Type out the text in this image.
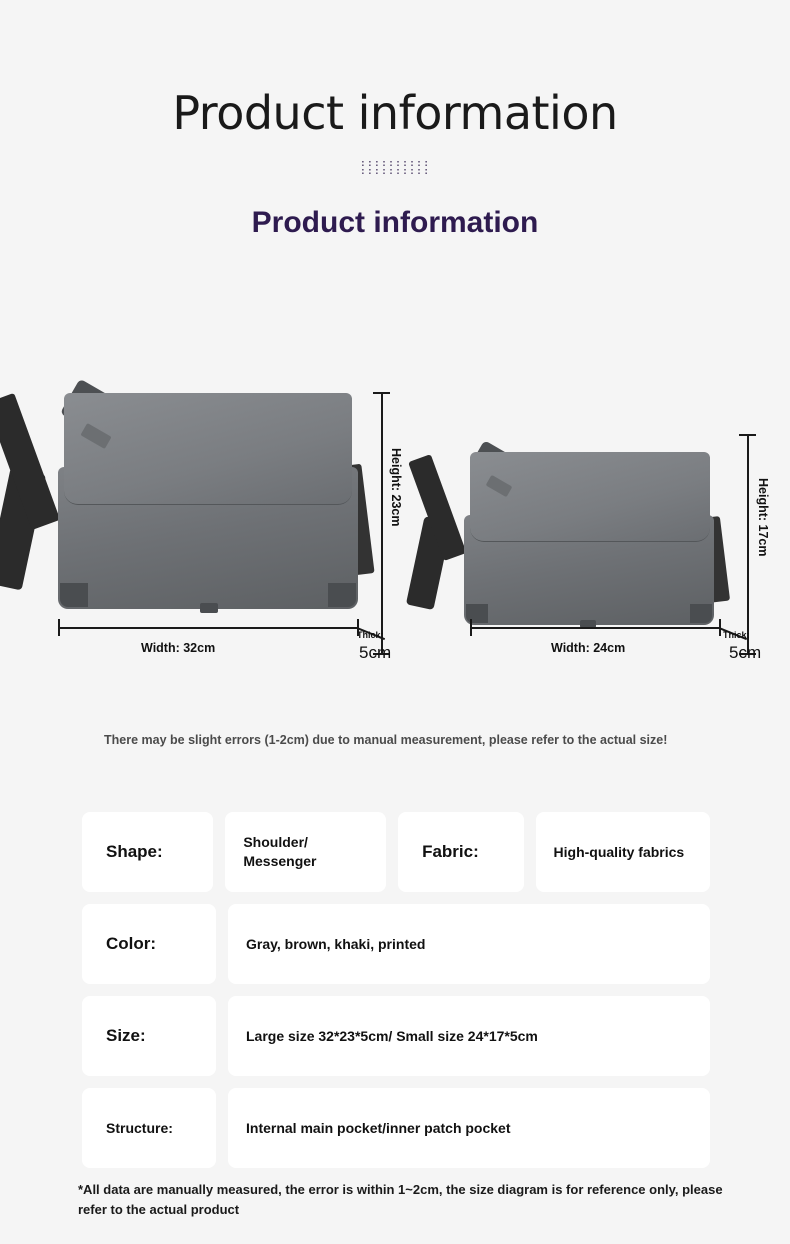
Product information
::::::::::
::::::::::
Product information
Height: 23cm
Width: 32cm
Thick:
5cm
Height: 17cm
Width: 24cm
Thick:
5cm

There may be slight errors (1-2cm) due to manual measurement, please refer to the actual size!

Shape:	Shoulder/ Messenger	Fabric:	High-quality fabrics
Color:	Gray, brown, khaki, printed
Size:	Large size 32*23*5cm/ Small size 24*17*5cm
Structure:	Internal main pocket/inner patch pocket

*All data are manually measured, the error is within 1~2cm, the size diagram is for reference only, please refer to the actual product
